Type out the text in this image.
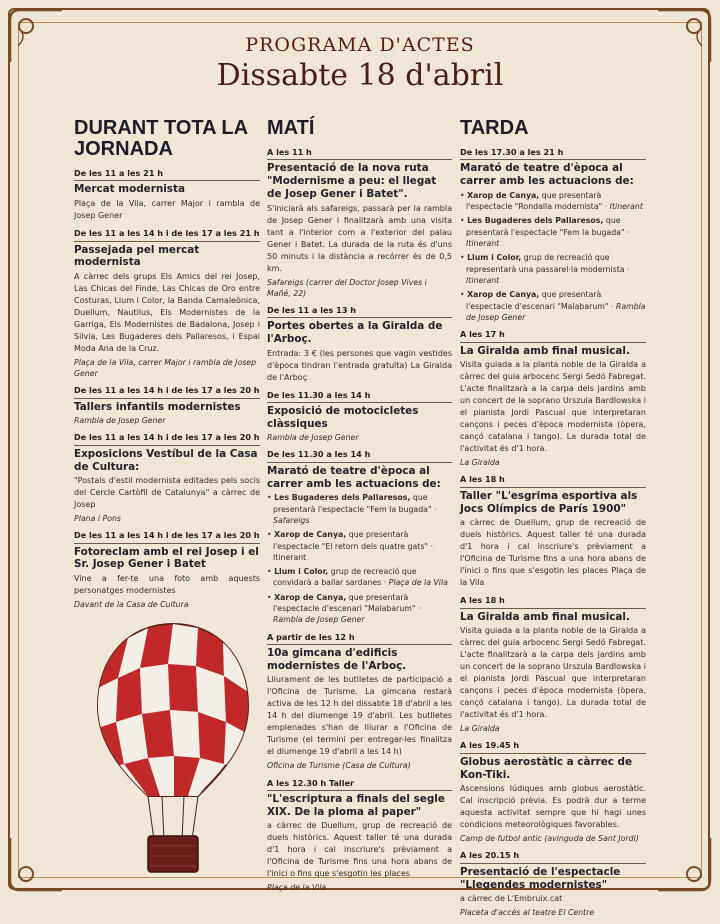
PROGRAMA D'ACTES
Dissabte 18 d'abril
DURANT TOTA LA
JORNADA
De les 11 a les 21 h
Mercat modernista
Plaça de la Vila, carrer Major i rambla de Josep Gener
De les 11 a les 14 h i de les 17 a les 21 h
Passejada pel mercat modernista
A càrrec dels grups Els Amics del rei Josep, Las Chicas del Finde, Las Chicas de Oro entre Costuras, Llum i Color, la Banda Camaleònica, Duellum, Nautilus, Els Modernistes de la Garriga, Els Modernistes de Badalona, Josep i Silvia, Les Bugaderes dels Pallaresos, i Espai Moda Ana de la Cruz.
Plaça de la Vila, carrer Major i rambla de Josep Gener
De les 11 a les 14 h i de les 17 a les 20 h
Tallers infantils modernistes
Rambla de Josep Gener
De les 11 a les 14 h i de les 17 a les 20 h
Exposicions Vestíbul de la Casa de Cultura:
"Postals d'estil modernista editades pels socis del Cercle Cartòfil de Catalunya" a càrrec de Josep
Plana i Pons
De les 11 a les 14 h i de les 17 a les 20 h
Fotoreclam amb el rei Josep i el Sr. Josep Gener i Batet
Vine a fer-te una foto amb aquests personatges modernistes
Davant de la Casa de Cultura
MATÍ
A les 11 h
Presentació de la nova ruta "Modernisme a peu: el llegat de Josep Gener i Batet".
S'iniciarà als safareigs, passarà per la rambla de Josep Gener i finalitzarà amb una visita tant a l'interior com a l'exterior del palau Gener i Batet. La durada de la ruta és d'uns 50 minuts i la distància a recórrer és de 0,5 km.
Safareigs (carrer del Doctor Josep Vives i Mañé, 22)
De les 11 a les 13 h
Portes obertes a la Giralda de l'Arboç.
Entrada: 3 € (les persones que vagin vestides d'època tindran l'entrada gratuïta) La Giralda de l'Arboç
De les 11.30 a les 14 h
Exposició de motocicletes clàssiques
Rambla de Josep Gener
De les 11.30 a les 14 h
Marató de teatre d'època al carrer amb les actuacions de:
• Les Bugaderes dels Pallaresos, que presentarà l'espectacle "Fem la bugada" · Safareigs
• Xarop de Canya, que presentarà l'espectacle "El retorn dels quatre gats" · Itinerant
• Llum i Color, grup de recreació que convidarà a ballar sardanes · Plaça de la Vila
• Xarop de Canya, que presentarà l'espectacle d'escenari "Malabarum" · Rambla de Josep Gener
A partir de les 12 h
10a gimcana d'edificis modernistes de l'Arboç.
Lliurament de les butlletes de participació a l'Oficina de Turisme. La gimcana restarà activa de les 12 h del dissabte 18 d'abril a les 14 h del diumenge 19 d'abril. Les butlletes emplenades s'han de lliurar a l'Oficina de Turisme (el termini per entregar-les finalitza el diumenge 19 d'abril a les 14 h)
Oficina de Turisme (Casa de Cultura)
A les 12.30 h Taller
"L'escriptura a finals del segle XIX. De la ploma al paper"
a càrrec de Duellum, grup de recreació de duels històrics. Aquest taller té una durada d'1 hora i cal inscriure's prèviament a l'Oficina de Turisme fins una hora abans de l'inici o fins que s'esgotin les places
Plaça de la Vila
TARDA
De les 17.30 a les 21 h
Marató de teatre d'època al carrer amb les actuacions de:
• Xarop de Canya, que presentarà l'espectacle "Rondalla modernista" · Itinerant
• Les Bugaderes dels Pallaresos, que presentarà l'espectacle "Fem la bugada" · Itinerant
• Llum i Color, grup de recreació que representarà una passarel·la modernista · Itinerant
• Xarop de Canya, que presentarà l'espectacle d'escenari "Malabarum" · Rambla de Josep Gener
A les 17 h
La Giralda amb final musical.
Visita guiada a la planta noble de la Giralda a càrrec del guia arbocenc Sergi Sedó Fabregat. L'acte finalitzarà a la carpa dels jardins amb un concert de la soprano Urszula Bardlowska i el pianista Jordi Pascual que interpretaran cançons i peces d'època modernista (òpera, cançó catalana i tango). La durada total de l'activitat és d'1 hora.
La Giralda
A les 18 h
Taller "L'esgrima esportiva als Jocs Olímpics de París 1900"
a càrrec de Duellum, grup de recreació de duels històrics. Aquest taller té una durada d'1 hora i cal inscriure's prèviament a l'Oficina de Turisme fins a una hora abans de l'inici o fins que s'esgotin les places Plaça de la Vila
A les 18 h
La Giralda amb final musical.
Visita guiada a la planta noble de la Giralda a càrrec del guia arbocenc Sergi Sedó Fabregat. L'acte finalitzarà a la carpa dels jardins amb un concert de la soprano Urszula Bardlowska i el pianista Jordi Pascual que interpretaran cançons i peces d'època modernista (òpera, cançó catalana i tango). La durada total de l'activitat és d'1 hora.
La Giralda
A les 19.45 h
Globus aerostàtic a càrrec de Kon-Tiki.
Ascensions lúdiques amb globus aerostàtic. Cal inscripció prèvia. Es podrà dur a terme aquesta activitat sempre que hi hagi unes condicions meteorològiques favorables.
Camp de futbol antic (avinguda de Sant Jordi)
A les 20.15 h
Presentació de l'espectacle "Llegendes modernistes"
a càrrec de L'Embruix.cat
Placeta d'accés al teatre El Centre
